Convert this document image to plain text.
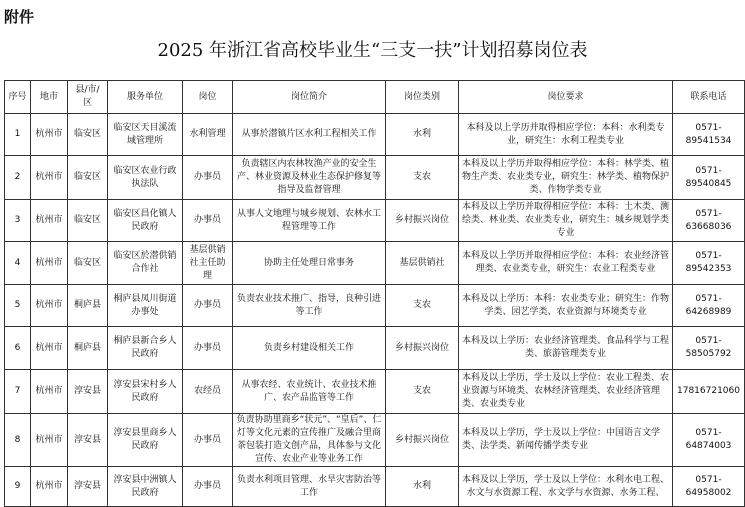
附件
2025 年浙江省高校毕业生“三支一扶”计划招募岗位表
序号	地市	县/市/区	服务单位	岗位	岗位简介	岗位类别	岗位要求	联系电话
1	杭州市	临安区	临安区天目溪流域管理所	水利管理	从事於潜镇片区水利工程相关工作	水利	本科及以上学历并取得相应学位：本科：水利类专业，研究生：水利工程类专业	0571-89541534
2	杭州市	临安区	临安区农业行政执法队	办事员	负责辖区内农林牧渔产业的安全生产、林业资源及林业生态保护修复等指导及监督管理	支农	本科及以上学历并取得相应学位：本科：林学类、植物生产类、农业类专业，研究生：林学类、植物保护类、作物学类专业	0571-89540845
3	杭州市	临安区	临安区昌化镇人民政府	办事员	从事人文地理与城乡规划、农林水工程管理等工作	乡村振兴岗位	本科及以上学历并取得相应学位：本科：土木类、测绘类、林业类、农业类专业，研究生：城乡规划学类专业	0571-63668036
4	杭州市	临安区	临安区於潜供销合作社	基层供销社主任助理	协助主任处理日常事务	基层供销社	本科及以上学历并取得相应学位：本科：农业经济管理类、农业类专业，研究生：农业工程类专业	0571-89542353
5	杭州市	桐庐县	桐庐县凤川街道办事处	办事员	负责农业技术推广、指导，良种引进等工作	支农	本科及以上学历：本科：农业类专业；研究生：作物学类、园艺学类、农业资源与环境类专业	0571-64268989
6	杭州市	桐庐县	桐庐县新合乡人民政府	办事员	负责乡村建设相关工作	乡村振兴岗位	本科及以上学历：农业经济管理类、食品科学与工程类、旅游管理类专业	0571-58505792
7	杭州市	淳安县	淳安县宋村乡人民政府	农经员	从事农经、农业统计、农业技术推广、农产品监管等工作	支农	本科及以上学历，学士及以上学位：农业工程类、农业资源与环境类、农林经济管理类、农业经济管理类、农业类专业	17816721060
8	杭州市	淳安县	淳安县里商乡人民政府	办事员	负责协助里商乡“状元”、“皇后”、仁灯等文化元素的宣传推广及融合里商茶包装打造文创产品，具体参与文化宣传、农业产业等业务工作	乡村振兴岗位	本科及以上学历，学士及以上学位：中国语言文学类、法学类、新闻传播学类专业	0571-64874003
9	杭州市	淳安县	淳安县中洲镇人民政府	办事员	负责水利项目管理、水旱灾害防治等工作	水利	本科及以上学历，学士及以上学位：水利水电工程、水文与水资源工程、水文学与水资源、水务工程、	0571-64958002
